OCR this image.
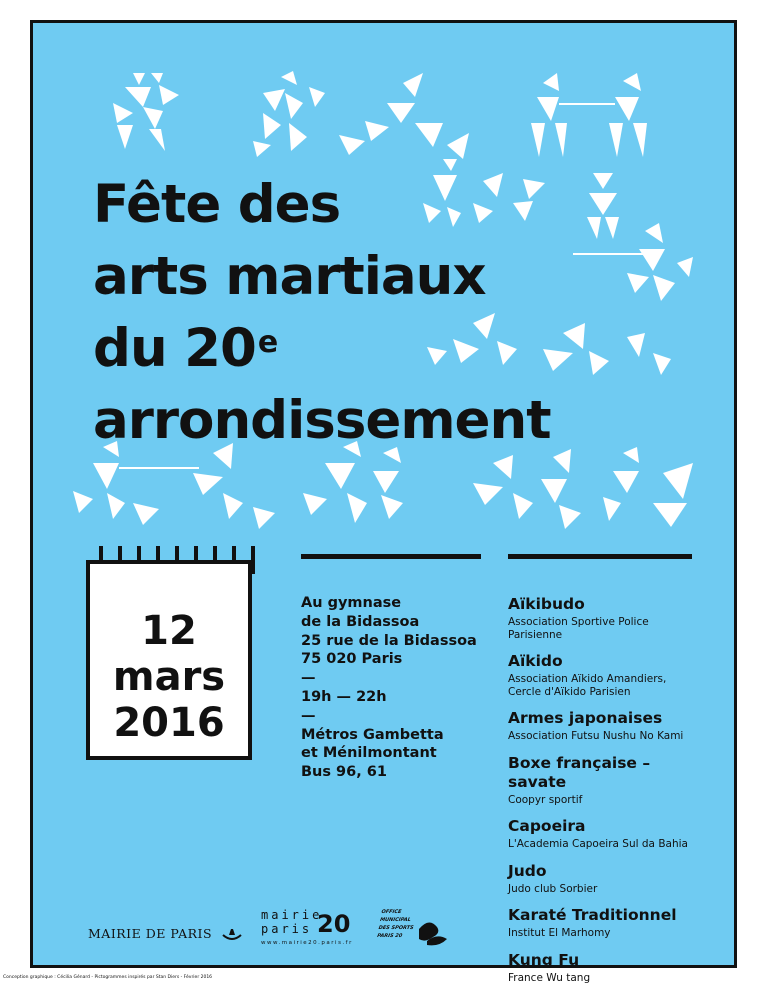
Fête des
arts martiaux
du 20e
arrondissement
12
mars
2016
Au gymnase
de la Bidassoa
25 rue de la Bidassoa
75 020 Paris
—
19h — 22h
—
Métros Gambetta
et Ménilmontant
Bus 96, 61
Aïkibudo
Association Sportive Police
Parisienne
Aïkido
Association Aïkido Amandiers,
Cercle d'Aïkido Parisien
Armes japonaises
Association Futsu Nushu No Kami
Boxe française –
savate
Coopyr sportif
Capoeira
L'Academia Capoeira Sul da Bahia
Judo
Judo club Sorbier
Karaté Traditionnel
Institut El Marhomy
Kung Fu
France Wu tang
MAIRIE DE PARIS
mairie
paris 20
www.mairie20.paris.fr
OFFICE
MUNICIPAL
DES SPORTS
PARIS 20
Conception graphique : Cécilia Génard - Pictogrammes inspirés par Stan Diers - Février 2016
